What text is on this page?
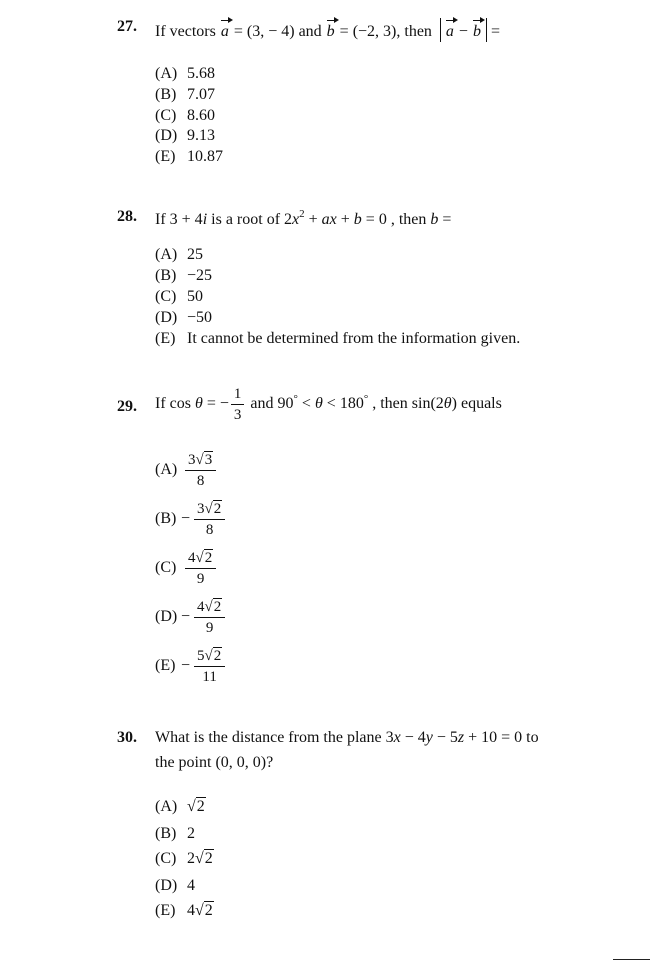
27. If vectors a = (3, − 4) and b = (−2, 3), then a − b =
(A) 5.68
(B) 7.07
(C) 8.60
(D) 9.13
(E) 10.87
28. If 3 + 4i is a root of $2x^2$ + ax + b = 0 , then b =
(A) 25
(B) −25
(C) 50
(D) −50
(E) It cannot be determined from the information given.
29. If cos θ = − $\frac{1}{3}$ and 90° < θ < 180° , then sin(2θ) equals
$(A) \frac{3√3}{8}$
$(B) - \frac{3√2}{8}$
$(C) \frac{4√2}{9}$
$(D) - \frac{4√2}{9}$
$(E) - \frac{5√2}{11}$
30. What is the distance from the plane 3x − 4y − 5z + 10 = 0 to
the point (0, 0, 0)?
(A) √2
(B) 2
(C) 2√2
(D) 4
(E) 4√2
